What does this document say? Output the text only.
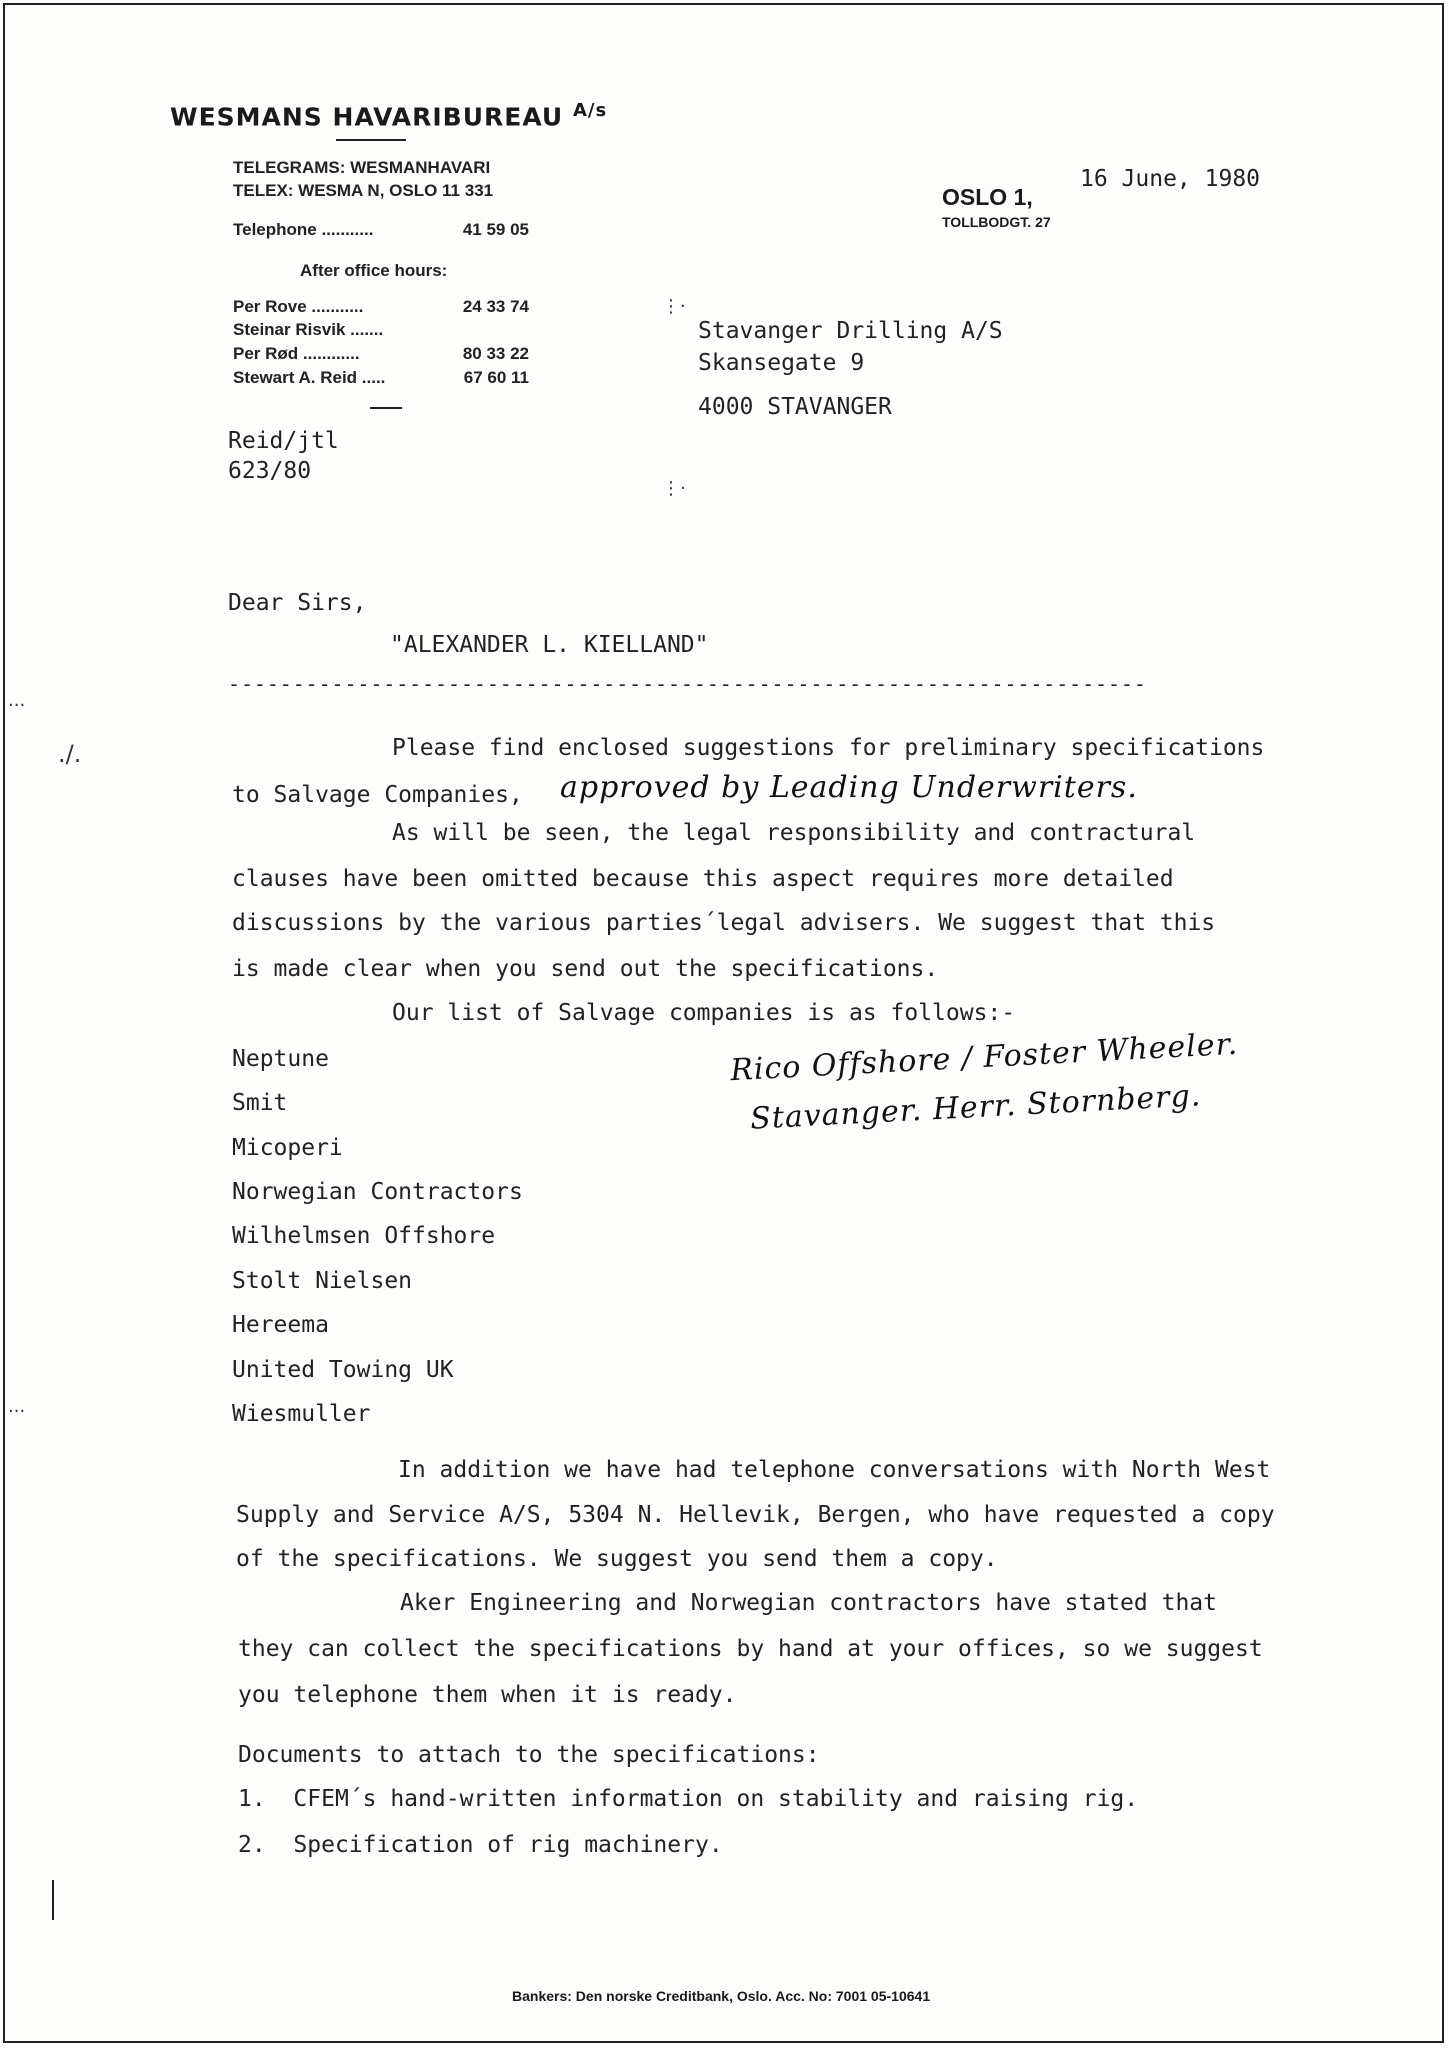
WESMANS HAVARIBUREAU $^{A/s}$
TELEGRAMS: WESMANHAVARI
TELEX: WESMA N, OSLO 11 331
Telephone ...........	41 59 05
After office hours:
Per Rove ...........	24 33 74
Steinar Risvik .......
Per Rød ............	80 33 22
Stewart A. Reid .....	67 60 11
OSLO 1,
TOLLBODGT. 27
16 June, 1980
Reid/jtl
623/80
⋮·
⋮·
Stavanger Drilling A/S
Skansegate 9
4000 STAVANGER
Dear Sirs,
"ALEXANDER L. KIELLAND"
-----------------------------------------------------------------------
...
./.
...
Please find enclosed suggestions for preliminary specifications
to Salvage Companies, approved by Leading Underwriters.
As will be seen, the legal responsibility and contractural
clauses have been omitted because this aspect requires more detailed
discussions by the various parties´legal advisers. We suggest that this
is made clear when you send out the specifications.
Our list of Salvage companies is as follows:-
Neptune
Smit
Micoperi
Norwegian Contractors
Wilhelmsen Offshore
Stolt Nielsen
Hereema
United Towing UK
Wiesmuller
Rico Offshore / Foster Wheeler.
Stavanger. Herr. Stornberg.
In addition we have had telephone conversations with North West
Supply and Service A/S, 5304 N. Hellevik, Bergen, who have requested a copy
of the specifications. We suggest you send them a copy.
Aker Engineering and Norwegian contractors have stated that
they can collect the specifications by hand at your offices, so we suggest
you telephone them when it is ready.
Documents to attach to the specifications:
1. CFEM´s hand-written information on stability and raising rig.
2. Specification of rig machinery.
Bankers: Den norske Creditbank, Oslo. Acc. No: 7001 05-10641
